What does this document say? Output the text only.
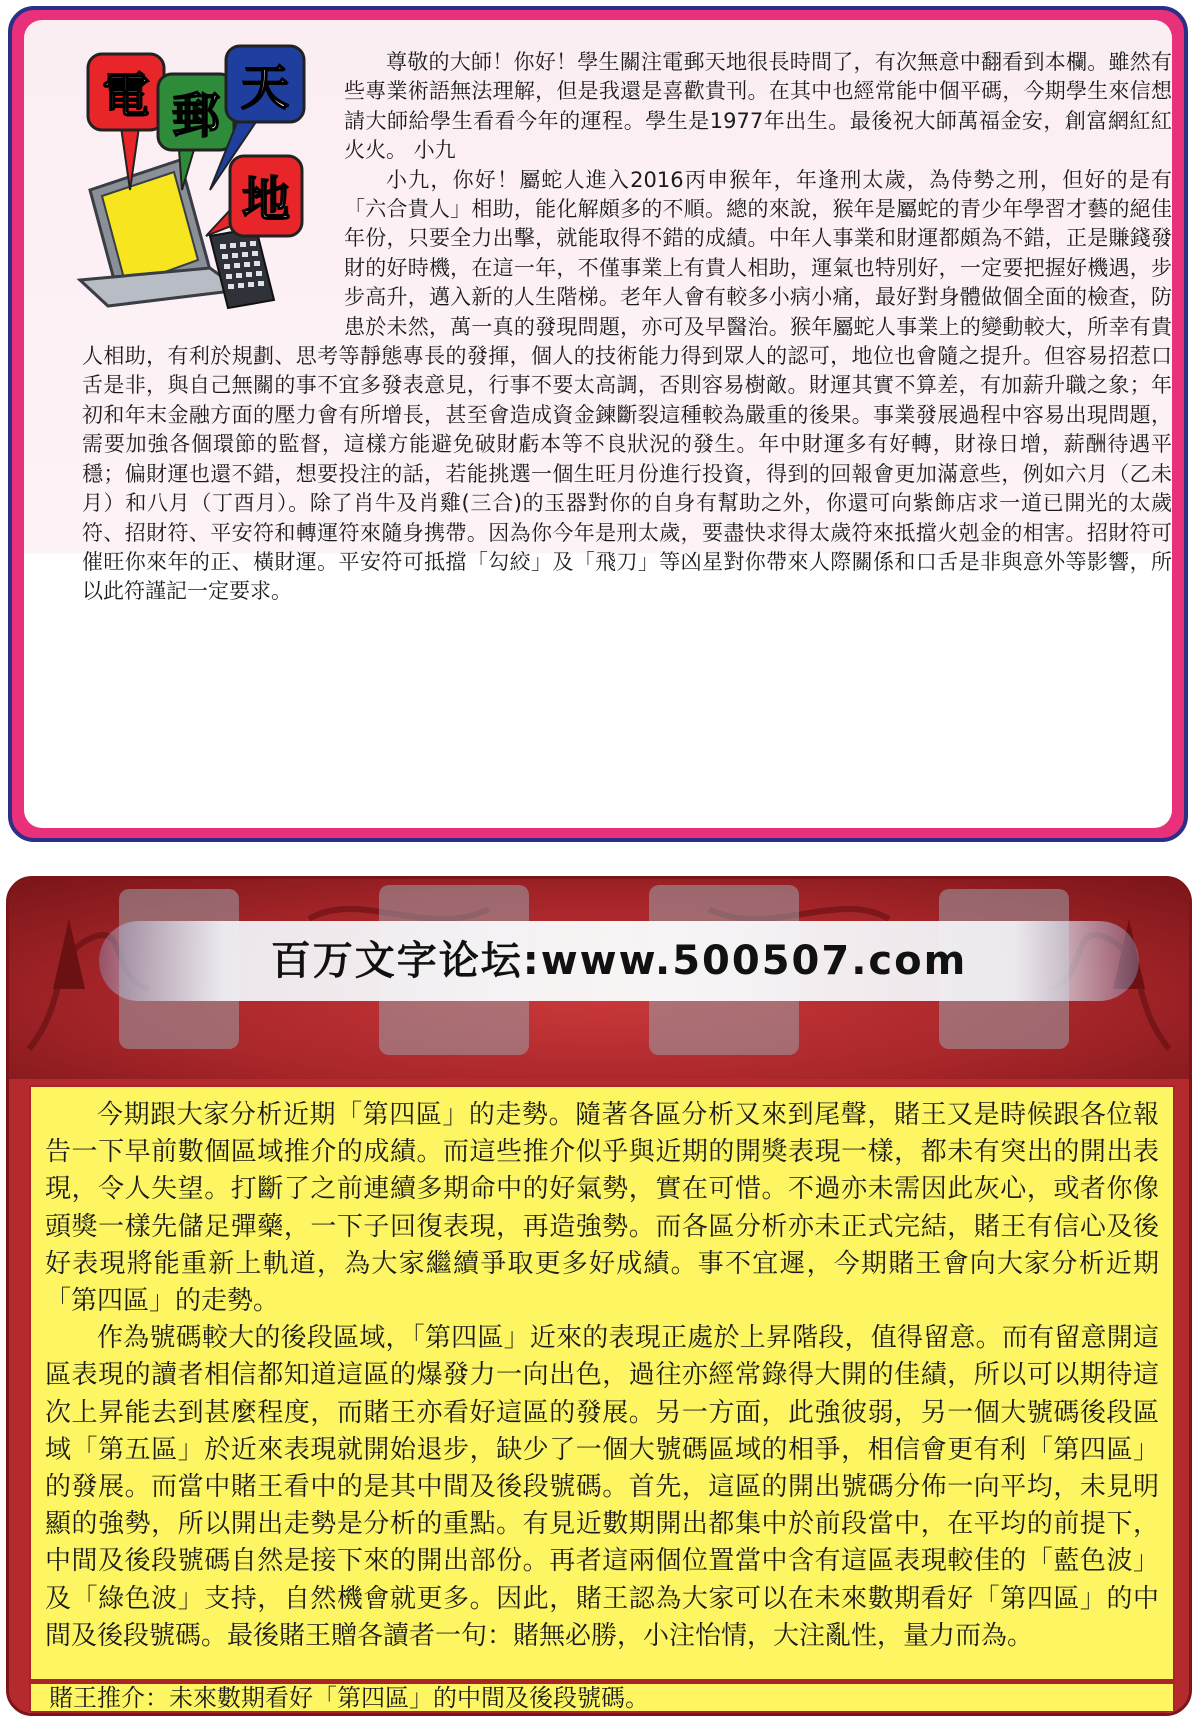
電 郵 天
地

尊敬的大師！你好！學生關注電郵天地很長時間了，有次無意中翻看到本欄。雖然有些專業術語無法理解，但是我還是喜歡貴刊。在其中也經常能中個平碼，今期學生來信想請大師給學生看看今年的運程。學生是1977年出生。最後祝大師萬福金安，創富網紅紅火火。 小九

小九，你好！屬蛇人進入2016丙申猴年，年逢刑太歲，為侍勢之刑，但好的是有「六合貴人」相助，能化解頗多的不順。總的來說，猴年是屬蛇的青少年學習才藝的絕佳年份，只要全力出擊，就能取得不錯的成績。中年人事業和財運都頗為不錯，正是賺錢發財的好時機，在這一年，不僅事業上有貴人相助，運氣也特別好，一定要把握好機遇，步步高升，邁入新的人生階梯。老年人會有較多小病小痛，最好對身體做個全面的檢查，防患於未然，萬一真的發現問題，亦可及早醫治。猴年屬蛇人事業上的變動較大，所幸有貴人相助，有利於規劃、思考等靜態專長的發揮，個人的技術能力得到眾人的認可，地位也會隨之提升。但容易招惹口舌是非，與自己無關的事不宜多發表意見，行事不要太高調，否則容易樹敵。財運其實不算差，有加薪升職之象；年初和年末金融方面的壓力會有所增長，甚至會造成資金鍊斷裂這種較為嚴重的後果。事業發展過程中容易出現問題，需要加強各個環節的監督，這樣方能避免破財虧本等不良狀況的發生。年中財運多有好轉，財祿日增，薪酬待遇平穩；偏財運也還不錯，想要投注的話，若能挑選一個生旺月份進行投資，得到的回報會更加滿意些，例如六月（乙未月）和八月（丁酉月）。除了肖牛及肖雞(三合)的玉器對你的自身有幫助之外，你還可向紫飾店求一道已開光的太歲符、招財符、平安符和轉運符來隨身携帶。因為你今年是刑太歲，要盡快求得太歲符來抵擋火剋金的相害。招財符可催旺你來年的正、橫財運。平安符可抵擋「勾絞」及「飛刀」等凶星對你帶來人際關係和口舌是非與意外等影響，所以此符謹記一定要求。

百万文字论坛:www.500507.com

今期跟大家分析近期「第四區」的走勢。隨著各區分析又來到尾聲，賭王又是時候跟各位報告一下早前數個區域推介的成績。而這些推介似乎與近期的開獎表現一樣，都未有突出的開出表現，令人失望。打斷了之前連續多期命中的好氣勢，實在可惜。不過亦未需因此灰心，或者你像頭獎一樣先儲足彈藥，一下子回復表現，再造強勢。而各區分析亦未正式完結，賭王有信心及後好表現將能重新上軌道，為大家繼續爭取更多好成績。事不宜遲，今期賭王會向大家分析近期「第四區」的走勢。

作為號碼較大的後段區域，「第四區」近來的表現正處於上昇階段，值得留意。而有留意開這區表現的讀者相信都知道這區的爆發力一向出色，過往亦經常錄得大開的佳績，所以可以期待這次上昇能去到甚麼程度，而賭王亦看好這區的發展。另一方面，此強彼弱，另一個大號碼後段區域「第五區」於近來表現就開始退步，缺少了一個大號碼區域的相爭，相信會更有利「第四區」的發展。而當中賭王看中的是其中間及後段號碼。首先，這區的開出號碼分佈一向平均，未見明顯的強勢，所以開出走勢是分析的重點。有見近數期開出都集中於前段當中，在平均的前提下，中間及後段號碼自然是接下來的開出部份。再者這兩個位置當中含有這區表現較佳的「藍色波」及「綠色波」支持，自然機會就更多。因此，賭王認為大家可以在未來數期看好「第四區」的中間及後段號碼。最後賭王贈各讀者一句：賭無必勝，小注怡情，大注亂性，量力而為。

賭王推介：未來數期看好「第四區」的中間及後段號碼。
